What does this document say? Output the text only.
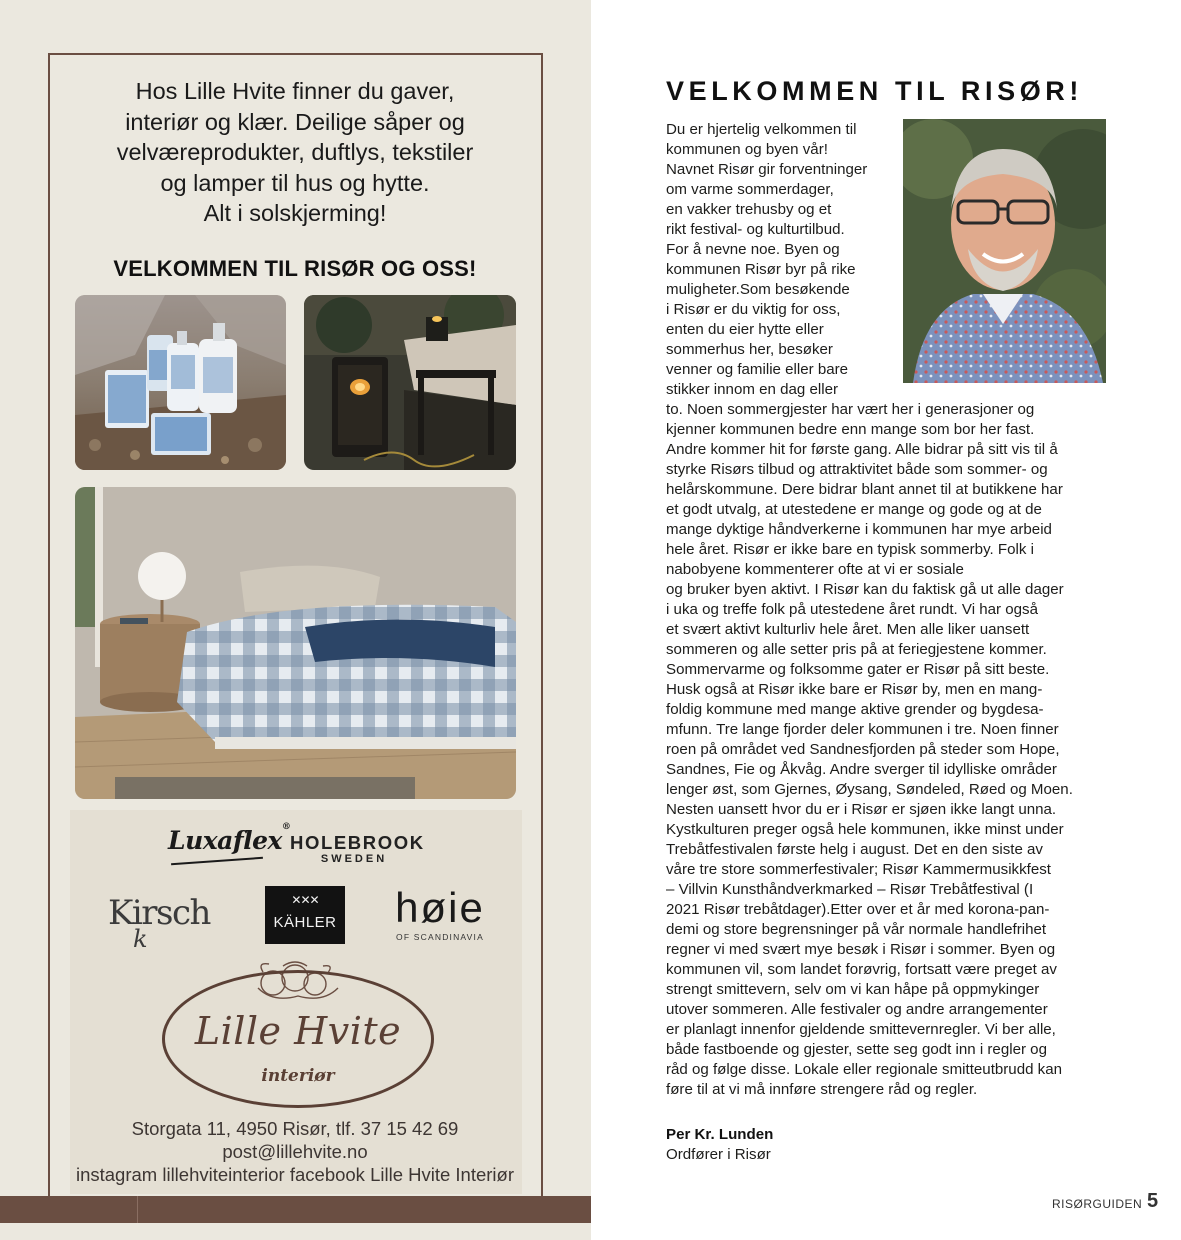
Hos Lille Hvite finner du gaver,
interiør og klær. Deilige såper og
velværeprodukter, duftlys, tekstiler
og lamper til hus og hytte.
Alt i solskjerming!
VELKOMMEN TIL RISØR OG OSS!
Luxaflex®
HOLEBROOK
SWEDEN
Kirsch
k
✕✕✕
KÄHLER høie
OF SCANDINAVIA
Lille Hvite
interiør
Storgata 11, 4950 Risør, tlf. 37 15 42 69
post@lillehvite.no
instagram lillehviteinterior facebook Lille Hvite Interiør
VELKOMMEN TIL RISØR!
Du er hjertelig velkommen til
kommunen og byen vår!
Navnet Risør gir forventninger
om varme sommerdager,
en vakker trehusby og et
rikt festival- og kulturtilbud.
For å nevne noe. Byen og
kommunen Risør byr på rike
muligheter.Som besøkende
i Risør er du viktig for oss,
enten du eier hytte eller
sommerhus her, besøker
venner og familie eller bare
stikker innom en dag eller
to. Noen sommergjester har vært her i generasjoner og
kjenner kommunen bedre enn mange som bor her fast.
Andre kommer hit for første gang. Alle bidrar på sitt vis til å
styrke Risørs tilbud og attraktivitet både som sommer- og
helårskommune. Dere bidrar blant annet til at butikkene har
et godt utvalg, at utestedene er mange og gode og at de
mange dyktige håndverkerne i kommunen har mye arbeid
hele året. Risør er ikke bare en typisk sommerby. Folk i
nabobyene kommenterer ofte at vi er sosiale
og bruker byen aktivt. I Risør kan du faktisk gå ut alle dager
i uka og treffe folk på utestedene året rundt. Vi har også
et svært aktivt kulturliv hele året. Men alle liker uansett
sommeren og alle setter pris på at feriegjestene kommer.
Sommervarme og folksomme gater er Risør på sitt beste.
Husk også at Risør ikke bare er Risør by, men en mang-
foldig kommune med mange aktive grender og bygdesa-
mfunn. Tre lange fjorder deler kommunen i tre. Noen finner
roen på området ved Sandnesfjorden på steder som Hope,
Sandnes, Fie og Åkvåg. Andre sverger til idylliske områder
lenger øst, som Gjernes, Øysang, Søndeled, Røed og Moen.
Nesten uansett hvor du er i Risør er sjøen ikke langt unna.
Kystkulturen preger også hele kommunen, ikke minst under
Trebåtfestivalen første helg i august. Det en den siste av
våre tre store sommerfestivaler; Risør Kammermusikkfest
– Villvin Kunsthåndverkmarked – Risør Trebåtfestival (I
2021 Risør trebåtdager).Etter over et år med korona-pan-
demi og store begrensninger på vår normale handlefrihet
regner vi med svært mye besøk i Risør i sommer. Byen og
kommunen vil, som landet forøvrig, fortsatt være preget av
strengt smittevern, selv om vi kan håpe på oppmykinger
utover sommeren. Alle festivaler og andre arrangementer
er planlagt innenfor gjeldende smittevernregler. Vi ber alle,
både fastboende og gjester, sette seg godt inn i regler og
råd og følge disse. Lokale eller regionale smitteutbrudd kan
føre til at vi må innføre strengere råd og regler.
Per Kr. Lunden
Ordfører i Risør
RISØRGUIDEN 5
